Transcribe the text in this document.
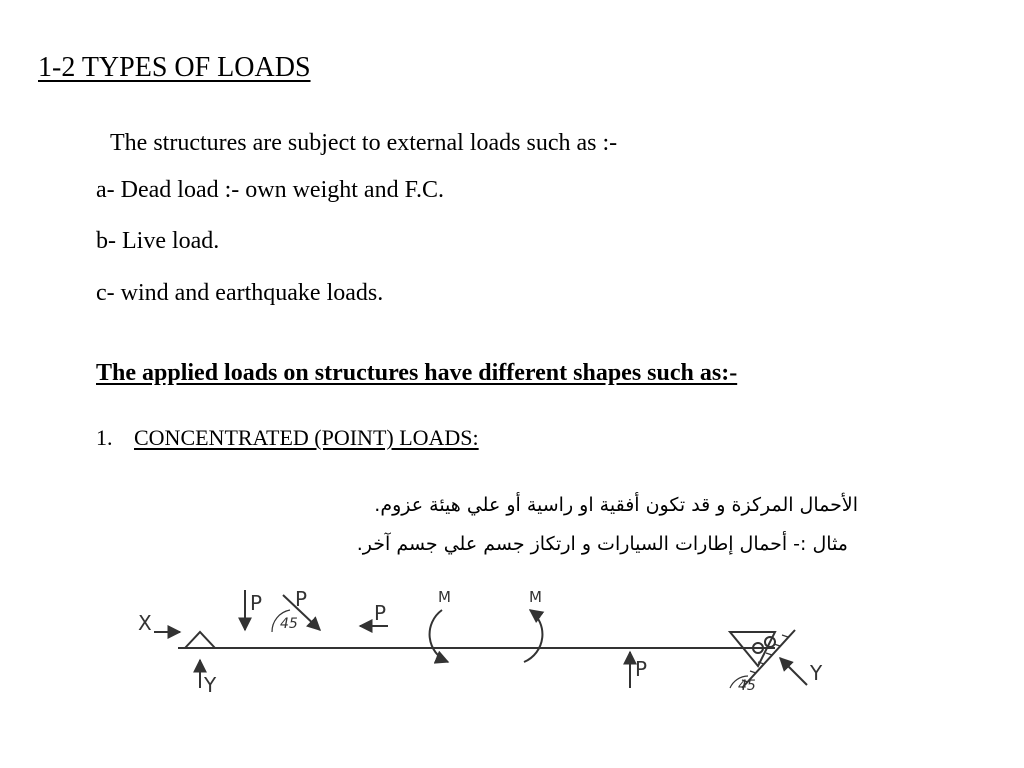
1-2 TYPES OF LOADS
The structures are subject to external loads such as :-
a- Dead load :- own weight and F.C.
b- Live load.
c- wind and earthquake loads.
The applied loads on structures have different shapes such as:-
1. CONCENTRATED (POINT) LOADS:
الأحمال المركزة و قد تكون أفقية او راسية أو علي هيئة عزوم.
مثال :- أحمال إطارات السيارات و ارتكاز جسم علي جسم آخر.
X
Y
P P
45	P
M	M
P	Y
45
